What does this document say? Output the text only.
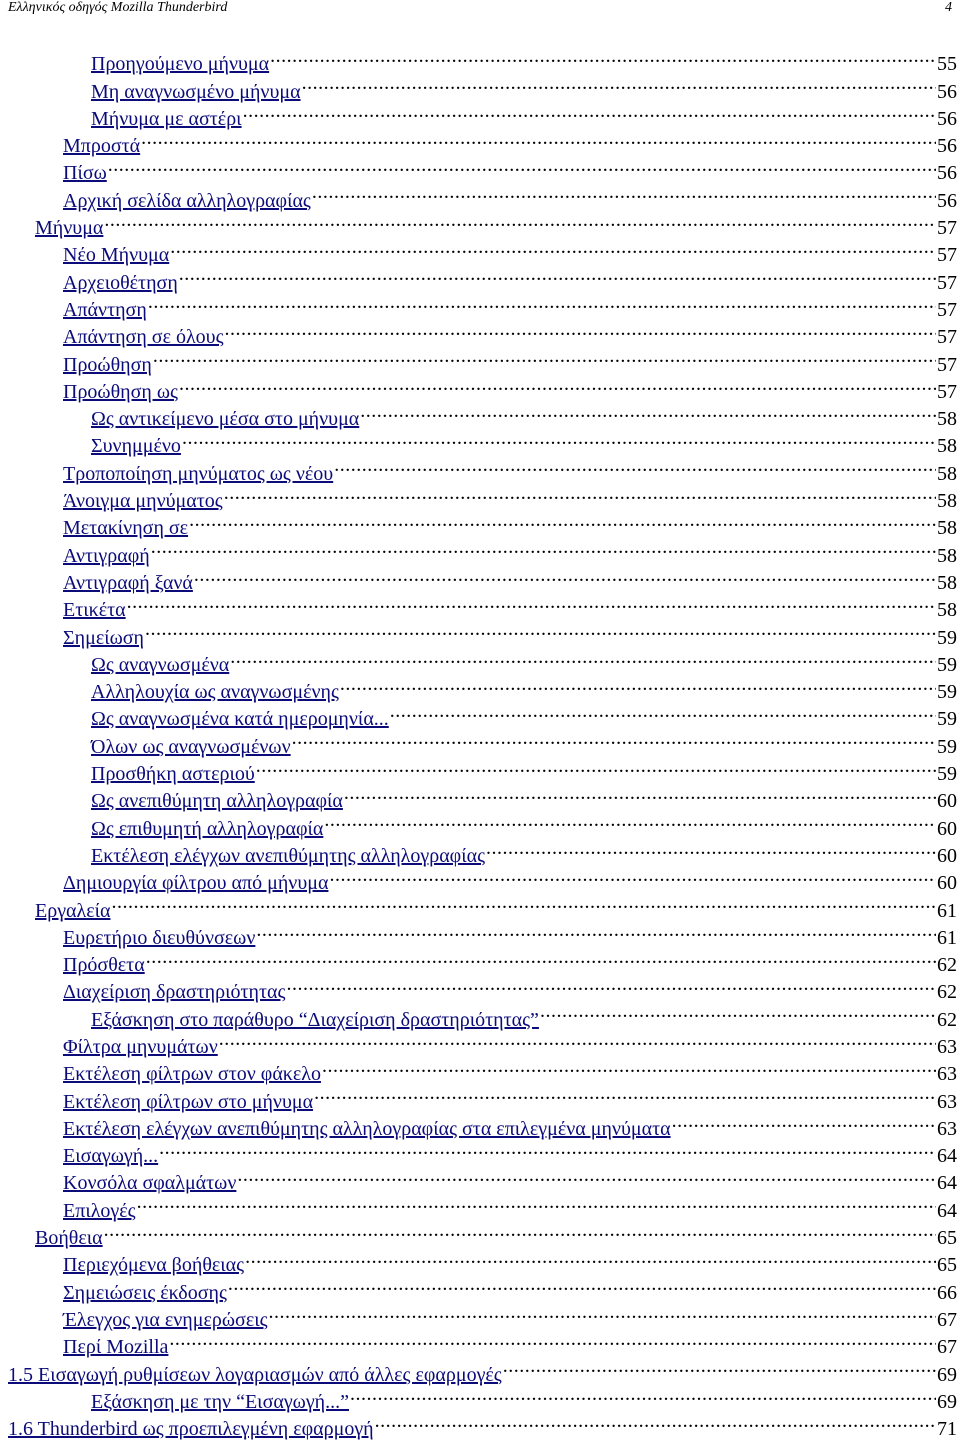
Ελληνικός οδηγός Mozilla Thunderbird	4
Προηγούμενο μήνυμα .....	55
Μη αναγνωσμένο μήνυμα .....	56
Μήνυμα με αστέρι .....	56
Μπροστά .....	56
Πίσω .....	56
Αρχική σελίδα αλληλογραφίας .....	56
Μήνυμα .....	57
Νέο Μήνυμα .....	57
Αρχειοθέτηση .....	57
Απάντηση .....	57
Απάντηση σε όλους .....	57
Προώθηση .....	57
Προώθηση ως .....	57
Ως αντικείμενο μέσα στο μήνυμα .....	58
Συνημμένο .....	58
Τροποποίηση μηνύματος ως νέου .....	58
Άνοιγμα μηνύματος .....	58
Μετακίνηση σε .....	58
Αντιγραφή .....	58
Αντιγραφή ξανά .....	58
Ετικέτα .....	58
Σημείωση .....	59
Ως αναγνωσμένα .....	59
Αλληλουχία ως αναγνωσμένης .....	59
Ως αναγνωσμένα κατά ημερομηνία... .....	59
Όλων ως αναγνωσμένων .....	59
Προσθήκη αστεριού .....	59
Ως ανεπιθύμητη αλληλογραφία .....	60
Ως επιθυμητή αλληλογραφία .....	60
Εκτέλεση ελέγχων ανεπιθύμητης αλληλογραφίας .....	60
Δημιουργία φίλτρου από μήνυμα .....	60
Εργαλεία .....	61
Ευρετήριο διευθύνσεων .....	61
Πρόσθετα .....	62
Διαχείριση δραστηριότητας .....	62
Εξάσκηση στο παράθυρο “Διαχείριση δραστηριότητας” .....	62
Φίλτρα μηνυμάτων .....	63
Εκτέλεση φίλτρων στον φάκελο .....	63
Εκτέλεση φίλτρων στο μήνυμα .....	63
Εκτέλεση ελέγχων ανεπιθύμητης αλληλογραφίας στα επιλεγμένα μηνύματα .....	63
Εισαγωγή... .....	64
Κονσόλα σφαλμάτων .....	64
Επιλογές .....	64
Βοήθεια .....	65
Περιεχόμενα βοήθειας .....	65
Σημειώσεις έκδοσης .....	66
Έλεγχος για ενημερώσεις .....	67
Περί Mozilla .....	67
1.5 Εισαγωγή ρυθμίσεων λογαριασμών από άλλες εφαρμογές .....	69
Εξάσκηση με την “Εισαγωγή...” .....	69
1.6 Thunderbird ως προεπιλεγμένη εφαρμογή .....	71
